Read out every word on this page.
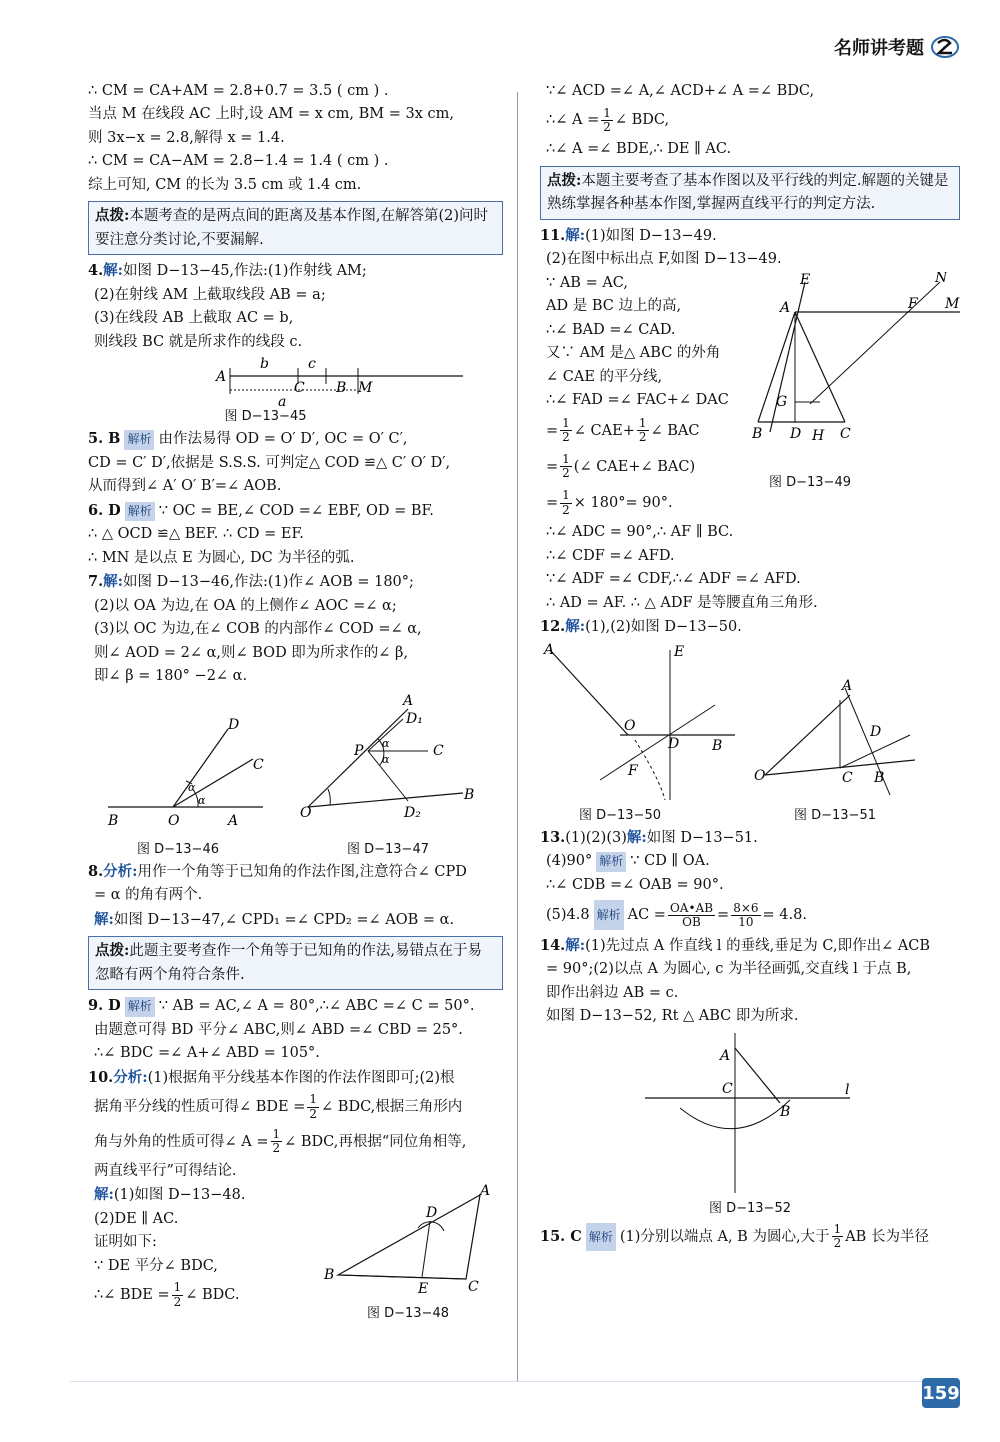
名师讲考题
∴ CM = CA+AM = 2.8+0.7 = 3.5 ( cm ) .
当点 M 在线段 AC 上时,设 AM = x cm, BM = 3x cm,
则 3x−x = 2.8,解得 x = 1.4.
∴ CM = CA−AM = 2.8−1.4 = 1.4 ( cm ) .
综上可知, CM 的长为 3.5 cm 或 1.4 cm.
点拨:本题考查的是两点间的距离及基本作图,在解答第(2)问时要注意分类讨论,不要漏解.
4.解:如图 D−13−45,作法:(1)作射线 AM;
(2)在射线 AM 上截取线段 AB = a;
(3)在线段 AB 上截取 AC = b,
则线段 BC 就是所求作的线段 c.
A
b	c
C B M
a
图 D−13−45
5. B 解析 由作法易得 OD = O′ D′, OC = O′ C′,
CD = C′ D′,依据是 S.S.S. 可判定△ COD ≌△ C′ O′ D′,
从而得到∠ A′ O′ B′=∠ AOB.
6. D 解析 ∵ OC = BE,∠ COD =∠ EBF, OD = BF.
∴ △ OCD ≌△ BEF. ∴ CD = EF.
∴ MN 是以点 E 为圆心, DC 为半径的弧.
7.解:如图 D−13−46,作法:(1)作∠ AOB = 180°;
(2)以 OA 为边,在 OA 的上侧作∠ AOC =∠ α;
(3)以 OC 为边,在∠ COB 的内部作∠ COD =∠ α,
则∠ AOD = 2∠ α,则∠ BOD 即为所求作的∠ β,
即∠ β = 180° −2∠ α.
D
C
α
α
B	O	A
图 D−13−46
A
D₁
P α
α
C
O	D₂
B
图 D−13−47
8.分析:用作一个角等于已知角的作法作图,注意符合∠ CPD
= α 的角有两个.
解:如图 D−13−47,∠ CPD₁ =∠ CPD₂ =∠ AOB = α.
点拨:此题主要考查作一个角等于已知角的作法,易错点在于易忽略有两个角符合条件.
9. D 解析 ∵ AB = AC,∠ A = 80°,∴∠ ABC =∠ C = 50°.
由题意可得 BD 平分∠ ABC,则∠ ABD =∠ CBD = 25°.
∴∠ BDC =∠ A+∠ ABD = 105°.
10.分析:(1)根据角平分线基本作图的作法作图即可;(2)根
据角平分线的性质可得∠ BDE = $\frac{1}{2}$ ∠ BDC,根据三角形内
角与外角的性质可得∠ $A = \frac{1}{2}$ ∠ BDC,再根据“同位角相等,
两直线平行”可得结论.
解:(1)如图 D−13−48.
(2)DE ∥ AC.
证明如下:
∵ DE 平分∠ BDC,
∴∠ BDE = $\frac{1}{2}$ ∠ BDC.
A
D
B
E	C
图 D−13−48
∵∠ ACD =∠ A,∠ ACD+∠ A =∠ BDC,
∴∠ $A = \frac{1}{2}$ ∠ BDC,
∴∠ A =∠ BDE,∴ DE ∥ AC.
点拨:本题主要考查了基本作图以及平行线的判定.解题的关键是熟练掌握各种基本作图,掌握两直线平行的判定方法.
11.解:(1)如图 D−13−49.
(2)在图中标出点 F,如图 D−13−49.
∵ AB = AC,
AD 是 BC 边上的高,
∴∠ BAD =∠ CAD.
又∵ AM 是△ ABC 的外角
∠ CAE 的平分线,
∴∠ FAD =∠ FAC+∠ DAC
= $\frac{1}{2}$ ∠ $CAE+ \frac{1}{2}$ ∠ BAC
= $\frac{1}{2}$ (∠ CAE+∠ BAC)
= $\frac{1}{2} \times 180^\circ= 90^\circ$.
E	N
A	F M
G
B D H C
图 D−13−49
∴∠ ADC = 90°,∴ AF ∥ BC.
∴∠ CDF =∠ AFD.
∵∠ ADF =∠ CDF,∴∠ ADF =∠ AFD.
∴ AD = AF. ∴ △ ADF 是等腰直角三角形.
12.解:(1),(2)如图 D−13−50.
A	E
O
D B
F
图 D−13−50
A
D
O	C B
图 D−13−51
13.(1)(2)(3)解:如图 D−13−51.
(4)90° 解析 ∵ CD ∥ OA.
∴∠ CDB =∠ OAB = 90°.
(5)4.8 解析 AC = $\frac{OA•AB}{OB} = \frac{8\times 6}{10} = 4.8$.
14.解:(1)先过点 A 作直线 l 的垂线,垂足为 C,即作出∠ ACB
= 90°;(2)以点 A 为圆心, c 为半径画弧,交直线 l 于点 B,
即作出斜边 AB = c.
如图 D−13−52, Rt △ ABC 即为所求.
A
C
B
l
图 D−13−52
15. C 解析 (1)分别以端点 A, B 为圆心,大于 $\frac{1}{2}$ AB 长为半径
159
